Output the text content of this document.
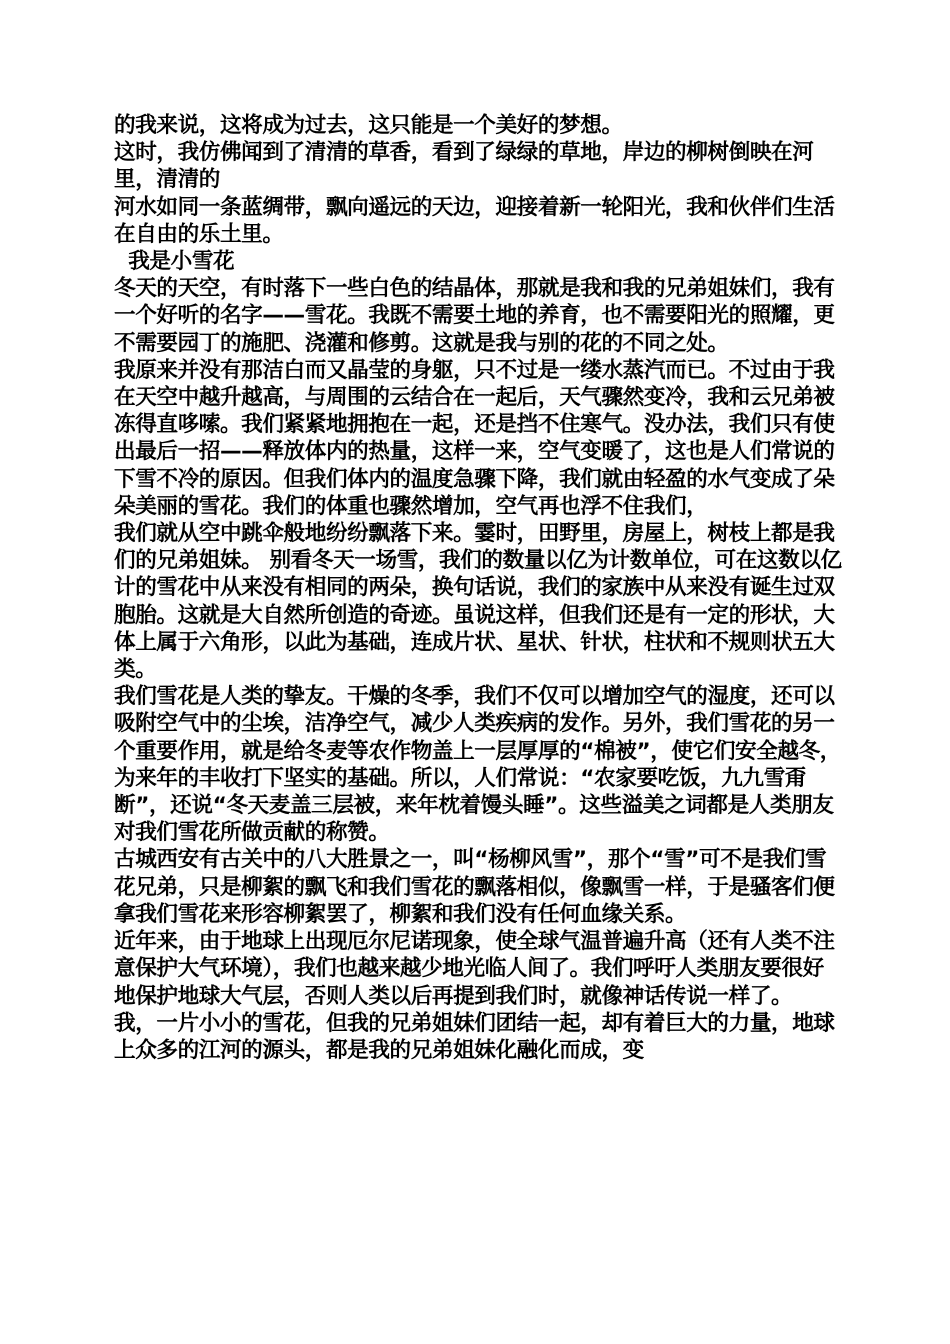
的我来说，这将成为过去，这只能是一个美好的梦想。

这时，我仿佛闻到了清清的草香，看到了绿绿的草地，岸边的柳树倒映在河里，清清的

河水如同一条蓝绸带，飘向遥远的天边，迎接着新一轮阳光，我和伙伴们生活在自由的乐土里。

我是小雪花

冬天的天空，有时落下一些白色的结晶体，那就是我和我的兄弟姐妹们，我有一个好听的名字——雪花。我既不需要土地的养育，也不需要阳光的照耀，更不需要园丁的施肥、浇灌和修剪。这就是我与别的花的不同之处。

我原来并没有那洁白而又晶莹的身躯，只不过是一缕水蒸汽而已。不过由于我在天空中越升越高，与周围的云结合在一起后，天气骤然变冷，我和云兄弟被冻得直哆嗦。我们紧紧地拥抱在一起，还是挡不住寒气。没办法，我们只有使出最后一招——释放体内的热量，这样一来，空气变暖了，这也是人们常说的下雪不冷的原因。但我们体内的温度急骤下降，我们就由轻盈的水气变成了朵朵美丽的雪花。我们的体重也骤然增加，空气再也浮不住我们，

我们就从空中跳伞般地纷纷飘落下来。霎时，田野里，房屋上，树枝上都是我们的兄弟姐妹。 别看冬天一场雪，我们的数量以亿为计数单位，可在这数以亿计的雪花中从来没有相同的两朵，换句话说，我们的家族中从来没有诞生过双胞胎。这就是大自然所创造的奇迹。虽说这样，但我们还是有一定的形状，大体上属于六角形，以此为基础，连成片状、星状、针状，柱状和不规则状五大类。

我们雪花是人类的挚友。干燥的冬季，我们不仅可以增加空气的湿度，还可以吸附空气中的尘埃，洁净空气，减少人类疾病的发作。另外，我们雪花的另一个重要作用，就是给冬麦等农作物盖上一层厚厚的“棉被”，使它们安全越冬，为来年的丰收打下坚实的基础。所以，人们常说：“农家要吃饭，九九雪甭断”，还说“冬天麦盖三层被，来年枕着馒头睡”。这些溢美之词都是人类朋友对我们雪花所做贡献的称赞。

古城西安有古关中的八大胜景之一，叫“杨柳风雪”，那个“雪”可不是我们雪花兄弟，只是柳絮的飘飞和我们雪花的飘落相似，像飘雪一样，于是骚客们便拿我们雪花来形容柳絮罢了，柳絮和我们没有任何血缘关系。

近年来，由于地球上出现厄尔尼诺现象，使全球气温普遍升高（还有人类不注意保护大气环境），我们也越来越少地光临人间了。我们呼吁人类朋友要很好地保护地球大气层，否则人类以后再提到我们时，就像神话传说一样了。

我，一片小小的雪花，但我的兄弟姐妹们团结一起，却有着巨大的力量，地球上众多的江河的源头，都是我的兄弟姐妹化融化而成，变
